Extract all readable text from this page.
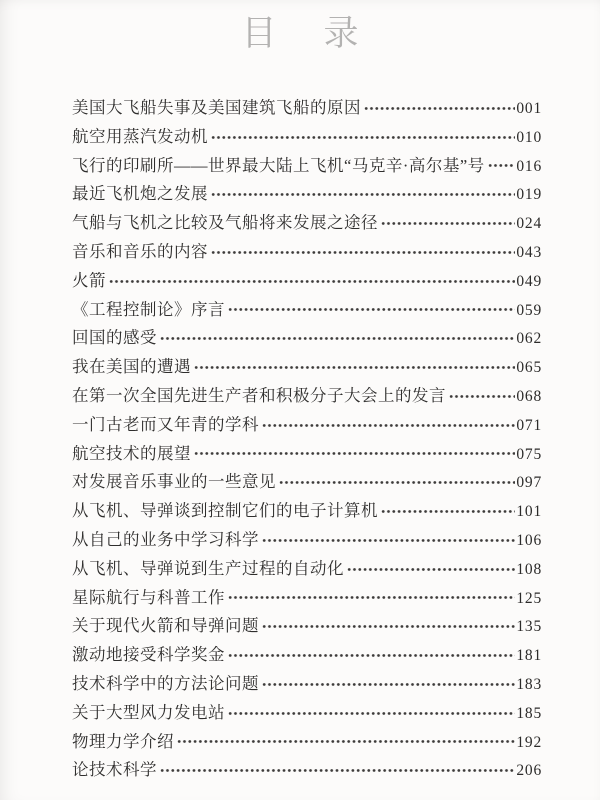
目　录
美国大飞船失事及美国建筑飞船的原因	001
航空用蒸汽发动机	010
飞行的印刷所——世界最大陆上飞机“马克辛·高尔基”号 016
最近飞机炮之发展	019
气船与飞机之比较及气船将来发展之途径	024
音乐和音乐的内容	043
火箭	049
《工程控制论》序言	059
回国的感受	062
我在美国的遭遇	065
在第一次全国先进生产者和积极分子大会上的发言	068
一门古老而又年青的学科	071
航空技术的展望	075
对发展音乐事业的一些意见	097
从飞机、导弹谈到控制它们的电子计算机	101
从自己的业务中学习科学	106
从飞机、导弹说到生产过程的自动化	108
星际航行与科普工作	125
关于现代火箭和导弹问题	135
激动地接受科学奖金	181
技术科学中的方法论问题	183
关于大型风力发电站	185
物理力学介绍	192
论技术科学	206
